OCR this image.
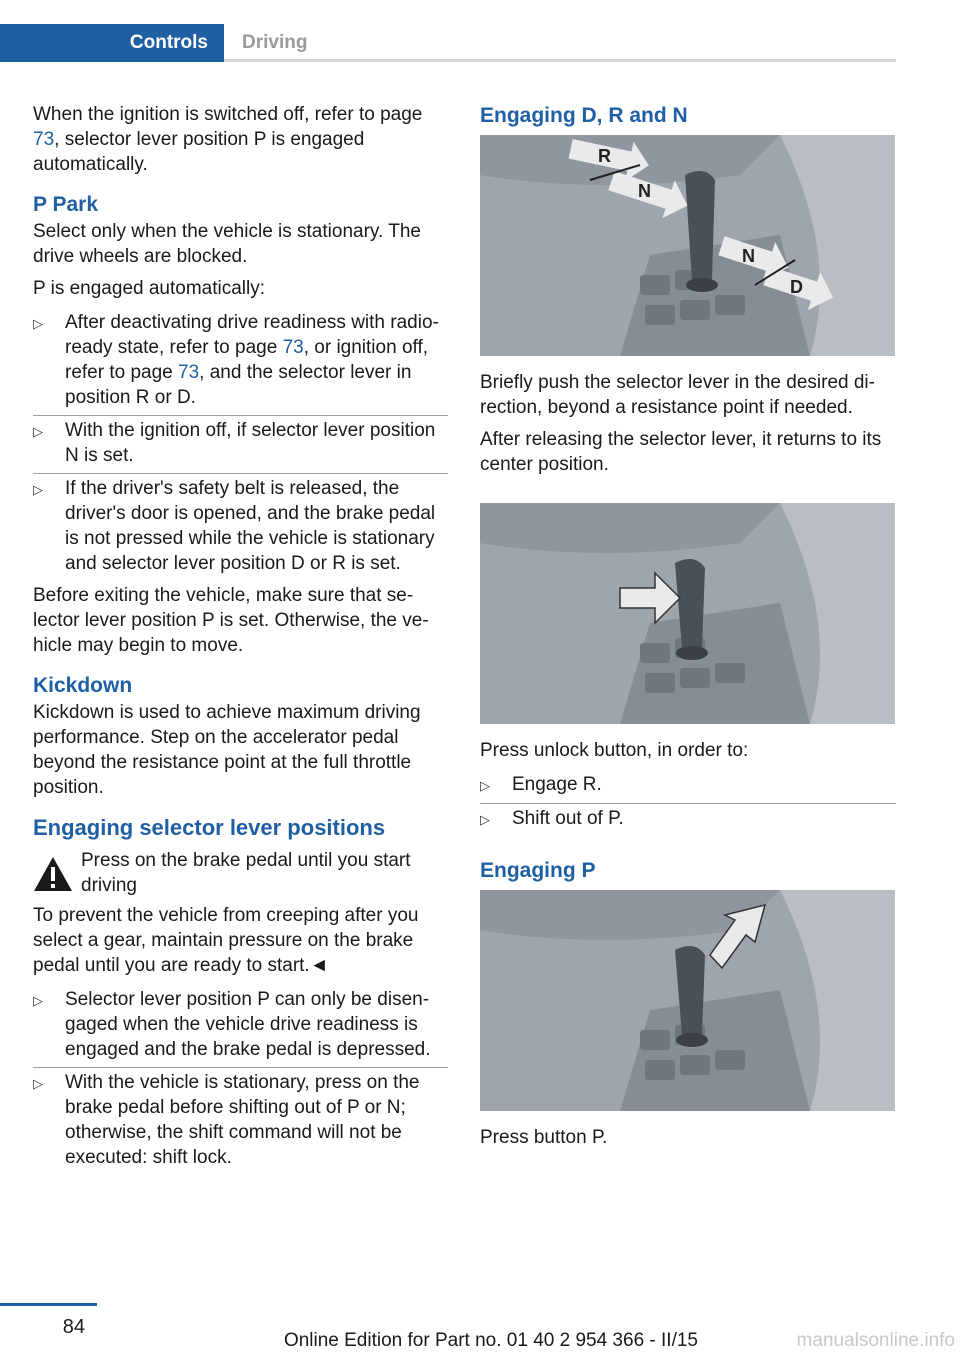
Controls	Driving

When the ignition is switched off, refer to page 73, selector lever position P is engaged automatically.

P Park

Select only when the vehicle is stationary. The drive wheels are blocked.

P is engaged automatically:

▷	After deactivating drive readiness with radio-ready state, refer to page 73, or ignition off, refer to page 73, and the selector lever in position R or D.
▷	With the ignition off, if selector lever position N is set.
▷	If the driver's safety belt is released, the driver's door is opened, and the brake pedal is not pressed while the vehicle is stationary and selector lever position D or R is set.

Before exiting the vehicle, make sure that selector lever position P is set. Otherwise, the vehicle may begin to move.

Kickdown

Kickdown is used to achieve maximum driving performance. Step on the accelerator pedal beyond the resistance point at the full throttle position.

Engaging selector lever positions
Press on the brake pedal until you start driving

To prevent the vehicle from creeping after you select a gear, maintain pressure on the brake pedal until you are ready to start.◄

▷	Selector lever position P can only be disengaged when the vehicle drive readiness is engaged and the brake pedal is depressed.
▷	With the vehicle is stationary, press on the brake pedal before shifting out of P or N; otherwise, the shift command will not be executed: shift lock.
Engaging D, R and N
R
N
N
D

Briefly push the selector lever in the desired direction, beyond a resistance point if needed.

After releasing the selector lever, it returns to its center position.

Press unlock button, in order to:

▷	Engage R.
▷	Shift out of P.
Engaging P

Press button P.

84
Online Edition for Part no. 01 40 2 954 366 - II/15	manualsonline.info
